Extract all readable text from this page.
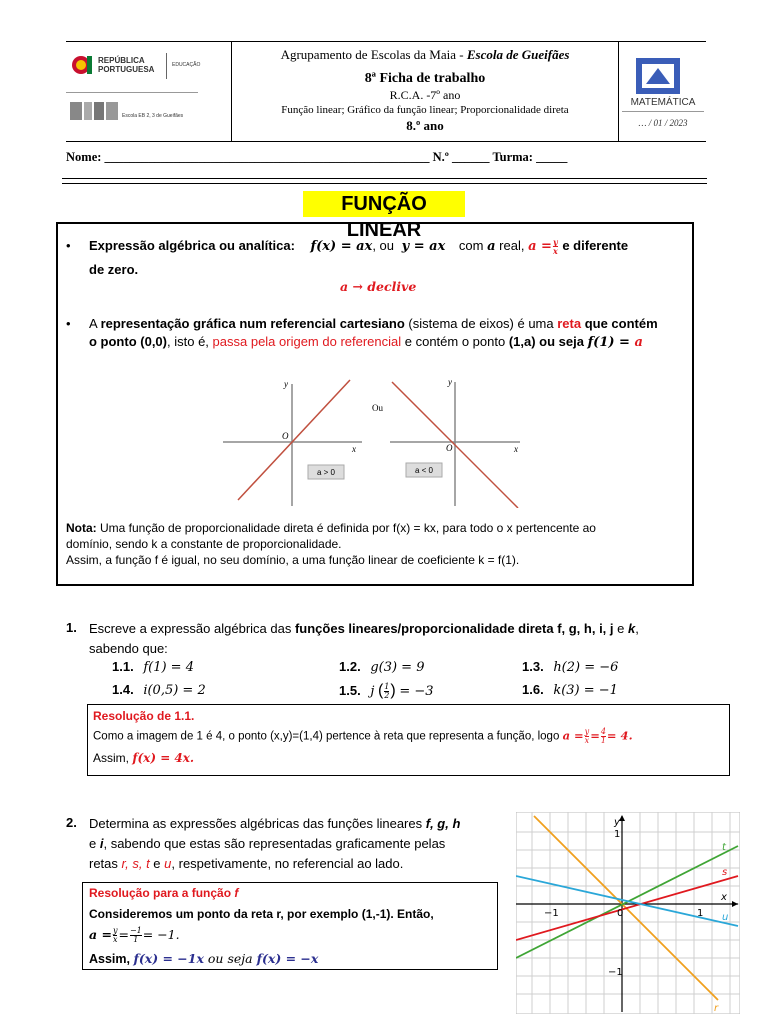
REPÚBLICA PORTUGUESA	EDUCAÇÃO
Escola EB 2, 3 de Gueifães
Agrupamento de Escolas da Maia - Escola de Gueifães
8ª Ficha de trabalho
R.C.A. -7º ano
Função linear; Gráfico da função linear; Proporcionalidade direta
8.º ano
MATEMÁTICA
… / 01 / 2023
Nome: ____________________________________________________ N.º ______ Turma: _____
FUNÇÃO LINEAR
• Expressão algébrica ou analítica: f(x) = ax, ou y = ax com a real, $a = \frac{y}{x}$ e diferente
de zero.
a → declive
• A representação gráfica num referencial cartesiano (sistema de eixos) é uma reta que contém
o ponto (0,0), isto é, passa pela origem do referencial e contém o ponto (1,a) ou seja f(1) = a
y
x
O
a > 0
Ou
y
x
O
a < 0
Nota: Uma função de proporcionalidade direta é definida por f(x) = kx, para todo o x pertencente ao
domínio, sendo k a constante de proporcionalidade.
Assim, a função f é igual, no seu domínio, a uma função linear de coeficiente k = f(1).
1. Escreve a expressão algébrica das funções lineares/proporcionalidade direta f, g, h, i, j e k,
sabendo que:
1.1. f(1) = 4	1.2. g(3) = 9	1.3. h(2) = −6
1.4. i(0,5) = 2	1.5. j ( $\frac{1}{2}$ ) = −3	1.6. k(3) = −1
Resolução de 1.1.
Como a imagem de 1 é 4, o ponto (x,y)=(1,4) pertence à reta que representa a função, logo $a = \frac{y}{x} = \frac{4}{1} = 4$.
Assim, f(x) = 4x.
2. Determina as expressões algébricas das funções lineares f, g, h
e i, sabendo que estas são representadas graficamente pelas
retas r, s, t e u, respetivamente, no referencial ao lado.
Resolução para a função f
Consideremos um ponto da reta r, por exemplo (1,-1). Então,
$a = \frac{y}{x} = \frac{-1}{1} = -1$.
Assim, f(x) = −1x ou seja f(x) = −x
y
x
1
−1
0	1
−1
t
s
u
r
